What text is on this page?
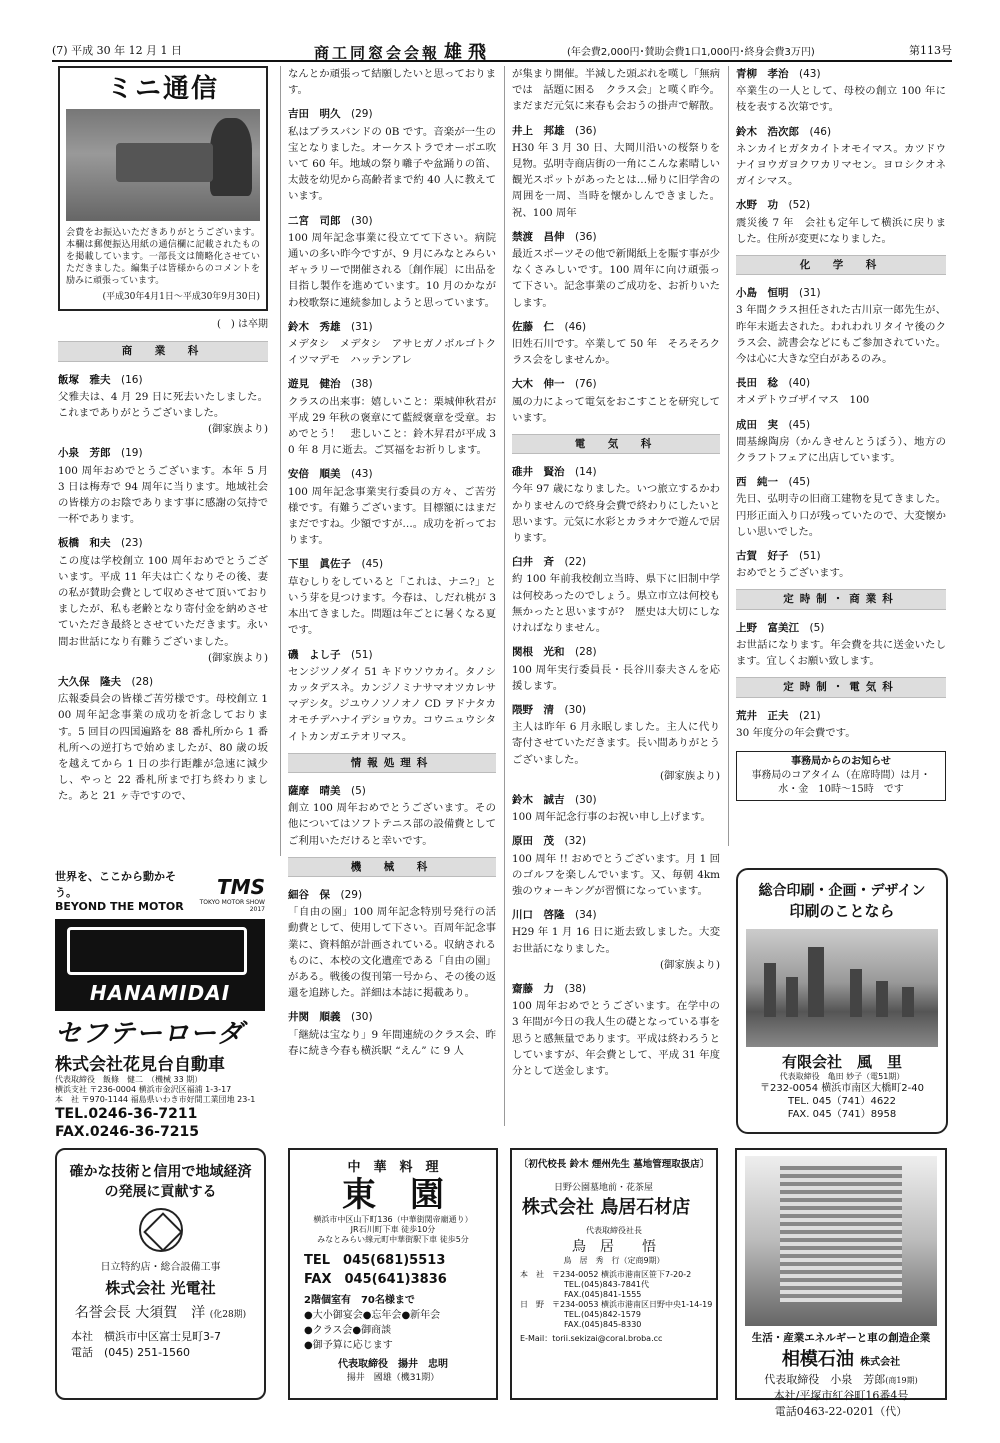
(7) 平成 30 年 12 月 1 日	商工同窓会会報 雄飛	(年会費2,000円･賛助会費1口1,000円･終身会費3万円)	第113号
ミニ通信
会費をお振込いただきありがとうございます。本欄は郵便振込用紙の通信欄に記載されたものを掲載しています。一部長文は簡略化させていただきました。編集子は皆様からのコメントを励みに頑張っています。
(平成30年4月1日～平成30年9月30日)
(　) は卒期
商　業　科
飯塚　雅夫　 (16)
父雅夫は、4 月 29 日に死去いたしました。これまでありがとうございました。
(御家族より)
小泉　芳郎　 (19)
100 周年おめでとうございます。本年 5 月 3 日は梅寿で 94 周年に当ります。地域社会の皆様方のお陰であります事に感謝の気持で一杯であります。
板橋　和夫　 (23)
この度は学校創立 100 周年おめでとうございます。平成 11 年夫は亡くなりその後、妻の私が賛助会費として収めさせて頂いておりましたが、私も老齢となり寄付金を納めさせていただき最終とさせていただきます。永い間お世話になり有難うございました。
(御家族より)
大久保　隆夫　 (28)
広報委員会の皆様ご苦労様です。母校創立 100 周年記念事業の成功を祈念しております。5 回目の四国遍路を 88 番札所から 1 番札所への逆打ちで始めましたが、80 歳の坂を越えてから 1 日の歩行距離が急速に減少し、やっと 22 番札所まで打ち終わりました。あと 21 ヶ寺ですので、
なんとか頑張って結願したいと思っております。
吉田　明久　 (29)
私はブラスバンドの 0B です。音楽が一生の宝となりました。オーケストラでオーボエ吹いて 60 年。地域の祭り囃子や盆踊りの笛、太鼓を幼児から高齢者まで約 40 人に教えています。
二宮　司郎　 (30)
100 周年記念事業に役立てて下さい。病院通いの多い昨今ですが、9 月にみなとみらいギャラリーで開催される〔創作展〕に出品を目指し製作を進めています。10 月のかながわ校歌祭に連続参加しようと思っています。
鈴木　秀雄　 (31)
メデタシ　メデタシ　アサヒガノボルゴトクイツマデモ　ハッテンアレ
遊見　健治　 (38)
クラスの出来事：嬉しいこと：栗城伸秋君が平成 29 年秋の褒章にて藍綬褒章を受章。おめでとう！　悲しいこと：鈴木昇君が平成 30 年 8 月に逝去。ご冥福をお祈りします。
安倍　順美　 (43)
100 周年記念事業実行委員の方々、ご苦労様です。有難うございます。目標額にはまだまだですね。少額ですが…。成功を祈っております。
下里　眞佐子　 (45)
草むしりをしていると「これは、ナニ?」という芽を見つけます。今春は、しだれ桃が 3 本出てきました。問題は年ごとに暑くなる夏です。
磯　よし子　 (51)
センジツノダイ 51 キドウソウカイ。タノシカッタデスネ。カンジノミナサマオツカレサマデシタ。ジユウノソノオノ CD ヲドナタカオモチデハナイデショウカ。コウニュウシタイトカンガエテオリマス。
情報処理科
薩摩　晴美　 (5)
創立 100 周年おめでとうございます。その他についてはソフトテニス部の設備費としてご利用いただけると幸いです。
機　械　科
細谷　保　 (29)
「自由の園」100 周年記念特別号発行の活動費として、使用して下さい。百周年記念事業に、資料館が計画されている。収納されるものに、本校の文化遺産である「自由の園」がある。戦後の復刊第一号から、その後の返還を追跡した。詳細は本誌に掲載あり。
井関　順義　 (30)
「継続は宝なり」9 年間連続のクラス会、昨春に続き今春も横浜駅 “えん” に 9 人
が集まり開催。半減した頭ぶれを嘆し「無病では　話題に困る　クラス会」と嘆く昨今。まだまだ元気に来春も会おうの掛声で解散。
井上　邦雄　 (36)
H30 年 3 月 30 日、大岡川沿いの桜祭りを見物。弘明寺商店街の一角にこんな素晴しい観光スポットがあったとは…帰りに旧学舎の周囲を一周、当時を懐かしんできました。祝、100 周年
禁渡　昌伸　 (36)
最近スポーツその他で新聞紙上を賑す事が少なくさみしいです。100 周年に向け頑張って下さい。記念事業のご成功を、お祈りいたします。
佐藤　仁　 (46)
旧姓石川です。卒業して 50 年　そろそろクラス会をしませんか。
大木　伸一　 (76)
風の力によって電気をおこすことを研究しています。
電　気　科
碓井　賢治　 (14)
今年 97 歳になりました。いつ旅立するかわかりませんので終身会費で終わりにしたいと思います。元気に水彩とカラオケで遊んで居ります。
臼井　斉　 (22)
約 100 年前我校創立当時、県下に旧制中学は何校あったのでしょう。県立市立は何校も無かったと思いますが?　歴史は大切にしなければなりません。
関根　光和　 (28)
100 周年実行委員長・長谷川泰夫さんを応援します。
隈野　清　 (30)
主人は昨年 6 月永眠しました。主人に代り寄付させていただきます。長い間ありがとうございました。
(御家族より)
鈴木　誠吉　 (30)
100 周年記念行事のお祝い申し上げます。
原田　茂　 (32)
100 周年 !! おめでとうございます。月 1 回のゴルフを楽しんでいます。又、毎朝 4km 強のウォーキングが習慣になっています。
川口　啓隆　 (34)
H29 年 1 月 16 日に逝去致しました。大変お世話になりました。
(御家族より)
齋藤　力　 (38)
100 周年おめでとうございます。在学中の 3 年間が今日の我人生の礎となっている事を思うと感無量であります。平成は終わろうとしていますが、年会費として、平成 31 年度分として送金します。
青柳　孝治　 (43)
卒業生の一人として、母校の創立 100 年に枝を表する次第です。
鈴木　浩次郎　 (46)
ネンカイヒガタカイトオモイマス。カツドウナイヨウガヨクワカリマセン。ヨロシクオネガイシマス。
水野　功　 (52)
震災後 7 年　会社も定年して横浜に戻りました。住所が変更になりました。
化　学　科
小島　恒明　 (31)
3 年間クラス担任された古川京一郎先生が、昨年末逝去された。われわれリタイヤ後のクラス会、読書会などにもご参加されていた。今は心に大きな空白があるのみ。
長田　稔　 (40)
オメデトウゴザイマス　100
成田　実　 (45)
間基線陶房（かんきせんとうぼう）、地方のクラフトフェアに出店しています。
西　純一　 (45)
先日、弘明寺の旧商工建物を見てきました。円形正面入り口が残っていたので、大変懐かしい思いでした。
古賀　好子　 (51)
おめでとうございます。
定時制・商業科
上野　富美江　 (5)
お世話になります。年会費を共に送金いたします。宜しくお願い致します。
定時制・電気科
荒井　正夫　 (21)
30 年度分の年会費です。
事務局からのお知らせ
事務局のコアタイム（在席時間）は月・水・金　10時～15時　です
世界を、ここから動かそう。
BEYOND THE MOTOR
TMS
TOKYO MOTOR SHOW 2017
HANAMIDAI
セフテーローダ
株式会社花見台自動車
代表取締役　飯條　健二　（機械 33 期）
横浜支社 〒236-0004 横浜市金沢区福浦 1-3-17
本　社 〒970-1144 福島県いわき市好間工業団地 23-1
TEL.0246-36-7211
FAX.0246-36-7215
総合印刷・企画・デザイン
印刷のことなら
有限会社　風　里
代表取締役　亀田 妙子（電51期）
〒232-0054 横浜市南区大橋町2-40
TEL. 045（741）4622
FAX. 045（741）8958
確かな技術と信用で地域経済の発展に貢献する
日立特約店・総合設備工事
株式会社 光電社
名誉会長 大須賀　洋 (化28期)
本社　横浜市中区富士見町3-7
電話　(045) 251-1560
中　華　料　理
東　園
横浜市中区山下町136（中華街関帝廟通り）
JR石川町下車 徒歩10分
みなとみらい線元町中華街駅下車 徒歩5分
TEL　045(681)5513
FAX　045(641)3836
2階個室有　70名様まで
●大小御宴会●忘年会●新年会
●クラス会●御商談
●御予算に応じます
代表取締役　揚井　忠明
揚井　國雄（機31期）
〔初代校長 鈴木 煙州先生 墓地管理取扱店〕
日野公園墓地前・花茶屋
株式会社 鳥居石材店
代表取締役社長
鳥　居　　悟
鳥　居　秀　行（定商9期）
本　社　〒234-0052 横浜市港南区笹下7-20-2
TEL.(045)843-7841代
FAX.(045)841-1555
日　野　〒234-0053 横浜市港南区日野中央1-14-19
TEL.(045)842-1579
FAX.(045)845-8330
E-Mail：torii.sekizai@coral.broba.cc	生活・産業エネルギーと車の創造企業
相模石油 株式会社
代表取締役　小泉　芳郎(商19期)
本社/平塚市紅谷町16番4号
電話0463-22-0201（代）
